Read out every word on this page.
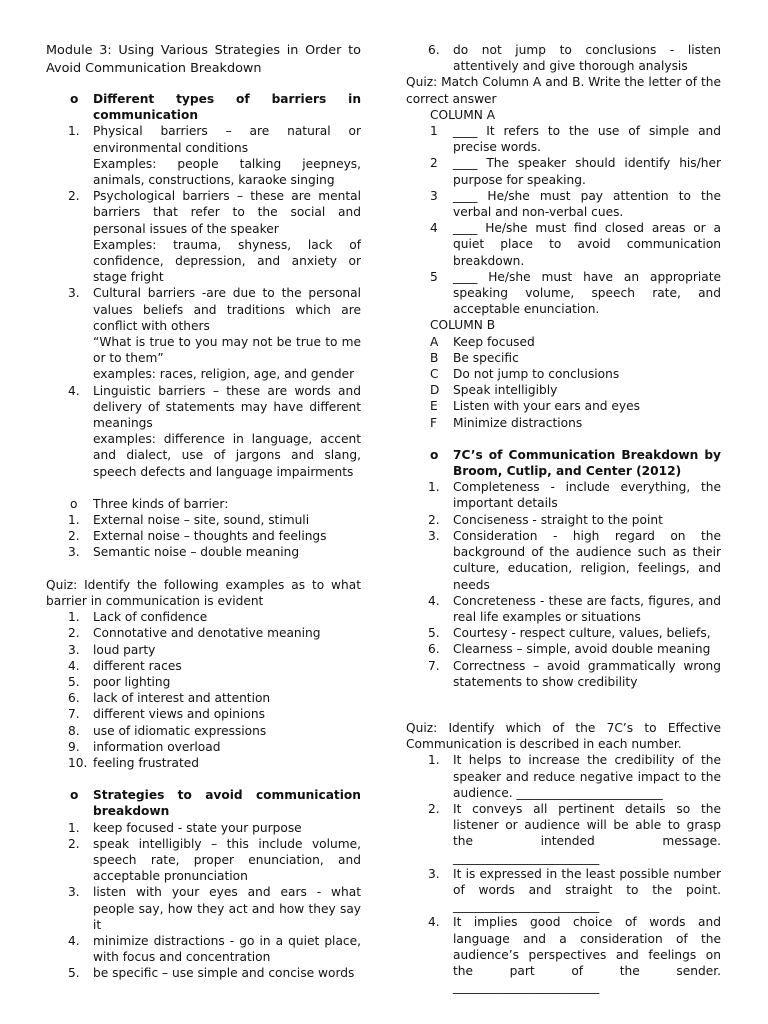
Module 3: Using Various Strategies in Order to Avoid Communication Breakdown
o Different types of barriers in communication
1. Physical barriers – are natural or environmental conditions
Examples: people talking jeepneys, animals, constructions, karaoke singing
2. Psychological barriers – these are mental barriers that refer to the social and personal issues of the speaker
Examples: trauma, shyness, lack of confidence, depression, and anxiety or stage fright
3. Cultural barriers -are due to the personal values beliefs and traditions which are conflict with others
“What is true to you may not be true to me or to them”
examples: races, religion, age, and gender
4. Linguistic barriers – these are words and delivery of statements may have different meanings
examples: difference in language, accent and dialect, use of jargons and slang, speech defects and language impairments
o Three kinds of barrier:
1. External noise – site, sound, stimuli
2. External noise – thoughts and feelings
3. Semantic noise – double meaning
Quiz: Identify the following examples as to what barrier in communication is evident
1. Lack of confidence
2. Connotative and denotative meaning
3. loud party
4. different races
5. poor lighting
6. lack of interest and attention
7. different views and opinions
8. use of idiomatic expressions
9. information overload
10. feeling frustrated
o Strategies to avoid communication breakdown
1. keep focused - state your purpose
2. speak intelligibly – this include volume, speech rate, proper enunciation, and acceptable pronunciation
3. listen with your eyes and ears - what people say, how they act and how they say it
4. minimize distractions - go in a quiet place, with focus and concentration
5. be specific – use simple and concise words
6. do not jump to conclusions - listen attentively and give thorough analysis
Quiz: Match Column A and B. Write the letter of the correct answer
COLUMN A
1 ____ It refers to the use of simple and precise words.
2 ____ The speaker should identify his/her purpose for speaking.
3 ____ He/she must pay attention to the verbal and non-verbal cues.
4 ____ He/she must find closed areas or a quiet place to avoid communication breakdown.
5 ____ He/she must have an appropriate speaking volume, speech rate, and acceptable enunciation.
COLUMN B
A Keep focused
B Be specific
C Do not jump to conclusions
D Speak intelligibly
E Listen with your ears and eyes
F Minimize distractions
o 7C’s of Communication Breakdown by Broom, Cutlip, and Center (2012)
1. Completeness - include everything, the important details
2. Conciseness - straight to the point
3. Consideration - high regard on the background of the audience such as their culture, education, religion, feelings, and needs
4. Concreteness - these are facts, figures, and real life examples or situations
5. Courtesy - respect culture, values, beliefs,
6. Clearness – simple, avoid double meaning
7. Correctness – avoid grammatically wrong statements to show credibility
Quiz: Identify which of the 7C’s to Effective Communication is described in each number.
1. It helps to increase the credibility of the speaker and reduce negative impact to the audience. ________________________
2. It conveys all pertinent details so the listener or audience will be able to grasp the intended message. ________________________
3. It is expressed in the least possible number of words and straight to the point. ________________________
4. It implies good choice of words and language and a consideration of the audience’s perspectives and feelings on the part of the sender. ________________________
